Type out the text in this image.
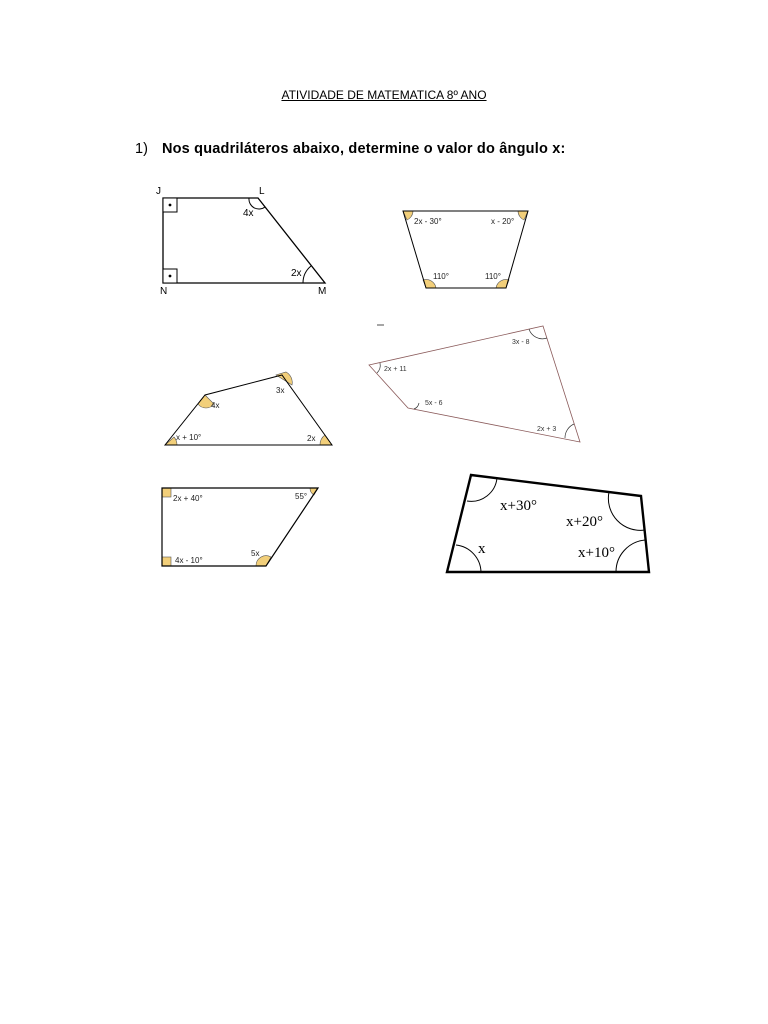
ATIVIDADE DE MATEMATICA 8º ANO
1) Nos quadriláteros abaixo, determine o valor do ângulo x:
J	L
N	M
4x
2x
2x - 30°	x - 20°
110°	110°
x + 10°
4x
3x
2x
3x - 8
2x + 11
5x - 6
2x + 3
2x + 40°	55°
4x - 10°
5x
x+30°
x+20°
x	x+10°
